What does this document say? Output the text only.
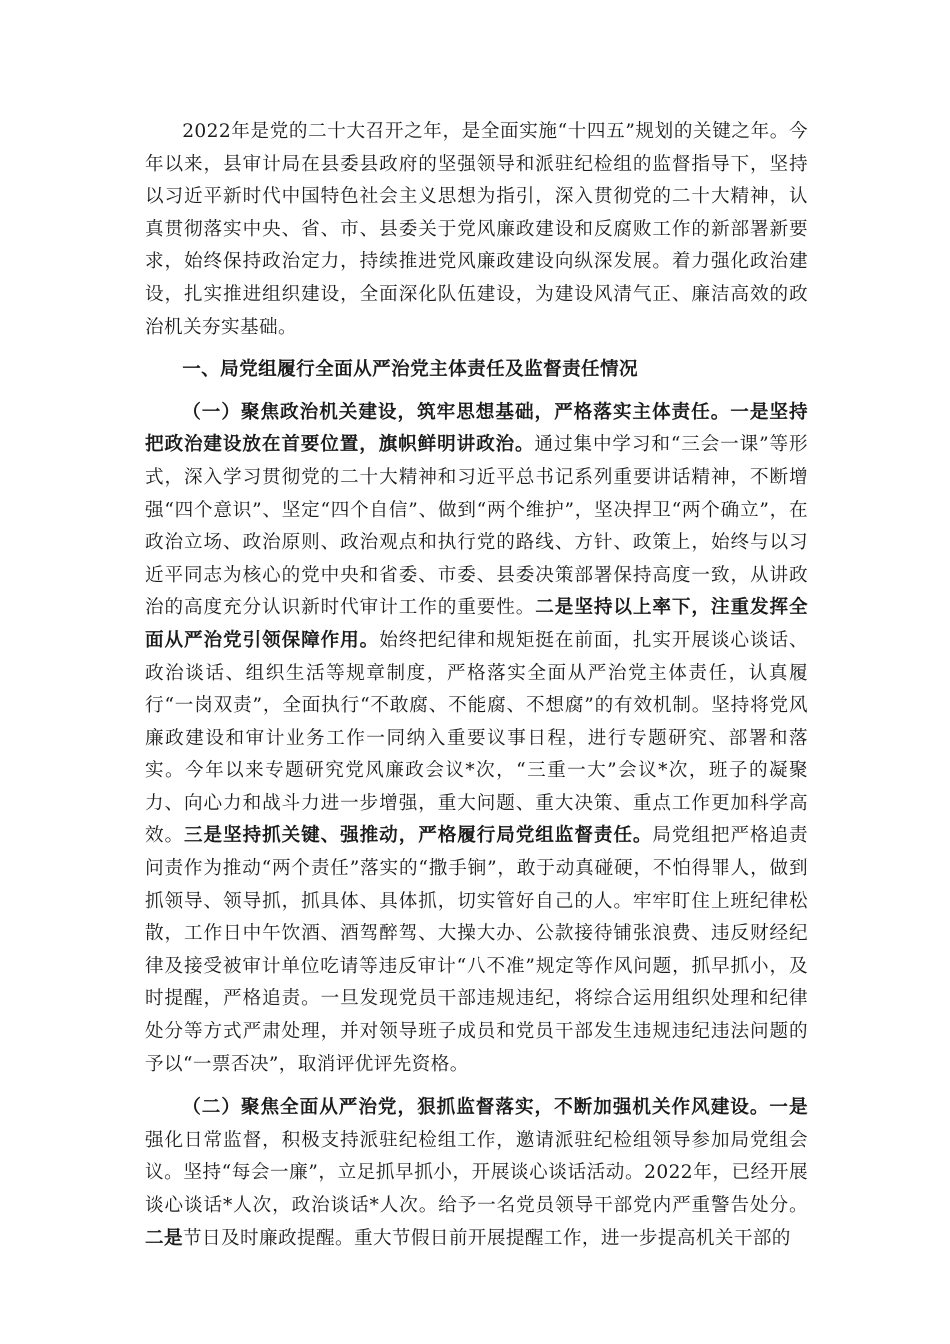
2022年是党的二十大召开之年，是全面实施“十四五”规划的关键之年。今年以来，县审计局在县委县政府的坚强领导和派驻纪检组的监督指导下，坚持以习近平新时代中国特色社会主义思想为指引，深入贯彻党的二十大精神，认真贯彻落实中央、省、市、县委关于党风廉政建设和反腐败工作的新部署新要求，始终保持政治定力，持续推进党风廉政建设向纵深发展。着力强化政治建设，扎实推进组织建设，全面深化队伍建设，为建设风清气正、廉洁高效的政治机关夯实基础。

一、局党组履行全面从严治党主体责任及监督责任情况

（一）聚焦政治机关建设，筑牢思想基础，严格落实主体责任。一是坚持把政治建设放在首要位置，旗帜鲜明讲政治。通过集中学习和“三会一课”等形式，深入学习贯彻党的二十大精神和习近平总书记系列重要讲话精神，不断增强“四个意识”、坚定“四个自信”、做到“两个维护”，坚决捍卫“两个确立”，在政治立场、政治原则、政治观点和执行党的路线、方针、政策上，始终与以习近平同志为核心的党中央和省委、市委、县委决策部署保持高度一致，从讲政治的高度充分认识新时代审计工作的重要性。二是坚持以上率下，注重发挥全面从严治党引领保障作用。始终把纪律和规矩挺在前面，扎实开展谈心谈话、政治谈话、组织生活等规章制度，严格落实全面从严治党主体责任，认真履行“一岗双责”，全面执行“不敢腐、不能腐、不想腐”的有效机制。坚持将党风廉政建设和审计业务工作一同纳入重要议事日程，进行专题研究、部署和落实。今年以来专题研究党风廉政会议*次，“三重一大”会议*次，班子的凝聚力、向心力和战斗力进一步增强，重大问题、重大决策、重点工作更加科学高效。三是坚持抓关键、强推动，严格履行局党组监督责任。局党组把严格追责问责作为推动“两个责任”落实的“撒手锏”，敢于动真碰硬，不怕得罪人，做到抓领导、领导抓，抓具体、具体抓，切实管好自己的人。牢牢盯住上班纪律松散，工作日中午饮酒、酒驾醉驾、大操大办、公款接待铺张浪费、违反财经纪律及接受被审计单位吃请等违反审计“八不准”规定等作风问题，抓早抓小，及时提醒，严格追责。一旦发现党员干部违规违纪，将综合运用组织处理和纪律处分等方式严肃处理，并对领导班子成员和党员干部发生违规违纪违法问题的予以“一票否决”，取消评优评先资格。

（二）聚焦全面从严治党，狠抓监督落实，不断加强机关作风建设。一是强化日常监督，积极支持派驻纪检组工作，邀请派驻纪检组领导参加局党组会议。坚持“每会一廉”，立足抓早抓小，开展谈心谈话活动。2022年，已经开展谈心谈话*人次，政治谈话*人次。给予一名党员领导干部党内严重警告处分。二是节日及时廉政提醒。重大节假日前开展提醒工作，进一步提高机关干部的
